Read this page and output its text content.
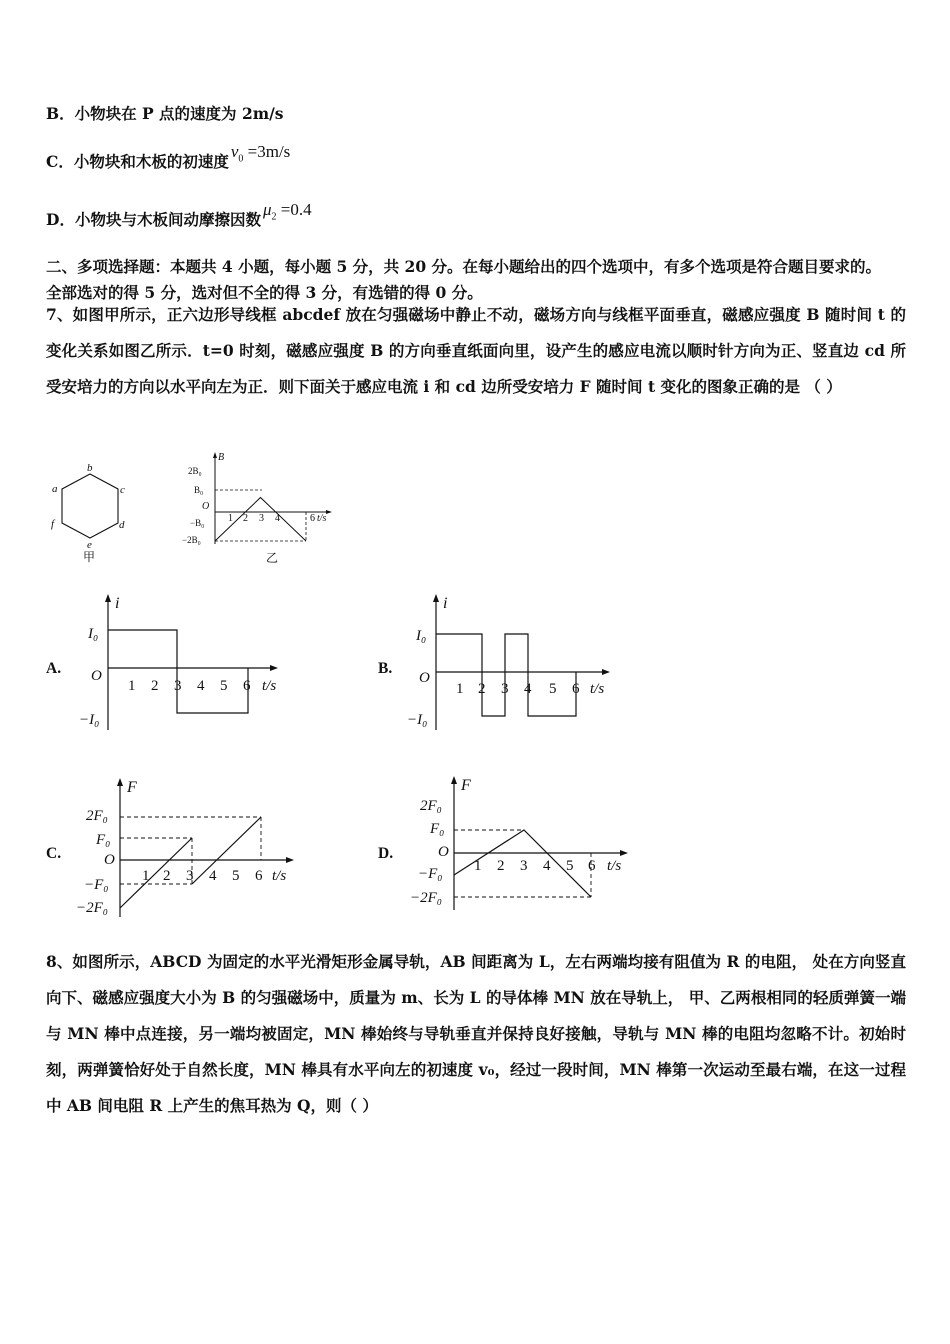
B．小物块在 P 点的速度为 2m/s
C．小物块和木板的初速度$v_0 =3m/s$
D．小物块与木板间动摩擦因数$\mu_2 =0.4$
二、多项选择题：本题共 4 小题，每小题 5 分，共 20 分。在每小题给出的四个选项中，有多个选项是符合题目要求的。
全部选对的得 5 分，选对但不全的得 3 分，有选错的得 0 分。
7、如图甲所示，正六边形导线框 abcdef 放在匀强磁场中静止不动，磁场方向与线框平面垂直，磁感应强度 B 随时间 t 的变化关系如图乙所示．t=0 时刻，磁感应强度 B 的方向垂直纸面向里，设产生的感应电流以顺时针方向为正、竖直边 cd 所受安培力的方向以水平向左为正．则下面关于感应电流 i 和 cd 边所受安培力 F 随时间 t 变化的图象正确的是 （ ）
b
a	c
f	d
e
甲
B
2B₀
B₀
O
−B₀
−2B₀
1 2 3 4	6 t/s
乙
A.
i
I₀
O
−I₀
1 2 3 4 5 6 t/s
B.
i
I₀
O
−I₀
1 2 3 4 5 6 t/s
C.
F
2F₀
F₀
O
−F₀
−2F₀
1 2 3 4 5 6 t/s
D.
F
2F₀
F₀
O
−F₀
−2F₀
1 2 3 4 5 6 t/s
8、如图所示，ABCD 为固定的水平光滑矩形金属导轨，AB 间距离为 L，左右两端均接有阻值为 R 的电阻， 处在方向竖直向下、磁感应强度大小为 B 的匀强磁场中，质量为 m、长为 L 的导体棒 MN 放在导轨上， 甲、乙两根相同的轻质弹簧一端与 MN 棒中点连接，另一端均被固定，MN 棒始终与导轨垂直并保持良好接触，导轨与 MN 棒的电阻均忽略不计。初始时刻，两弹簧恰好处于自然长度，MN 棒具有水平向左的初速度 v₀，经过一段时间，MN 棒第一次运动至最右端，在这一过程中 AB 间电阻 R 上产生的焦耳热为 Q，则（ ）
